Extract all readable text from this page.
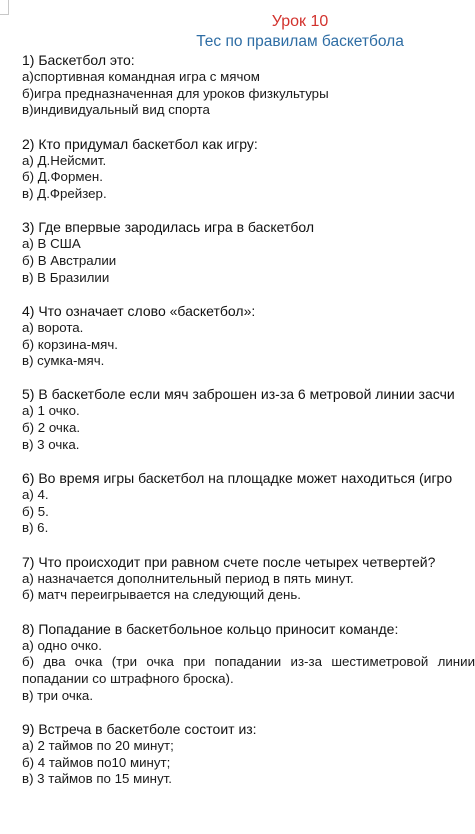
Урок 10
Тес по правилам баскетбола
1) Баскетбол это:
а)спортивная командная игра с мячом
б)игра предназначенная для уроков физкультуры
в)индивидуальный вид спорта
2) Кто придумал баскетбол как игру:
а) Д.Нейсмит.
б) Д.Формен.
в) Д.Фрейзер.
3) Где впервые зародилась игра в баскетбол
а) В США
б) В Австралии
в) В Бразилии
4) Что означает слово «баскетбол»:
а) ворота.
б) корзина-мяч.
в) сумка-мяч.
5) В баскетболе если мяч заброшен из-за 6 метровой линии засчи
а) 1 очко.
б) 2 очка.
в) 3 очка.
6) Во время игры баскетбол на площадке может находиться (игро
а) 4.
б) 5.
в) 6.
7) Что происходит при равном счете после четырех четвертей?
а) назначается дополнительный период в пять минут.
б) матч переигрывается на следующий день.
8) Попадание в баскетбольное кольцо приносит команде:
а) одно очко.
б) два очка (три очка при попадании из-за шестиметровой линии попадании со штрафного броска).
в) три очка.
9) Встреча в баскетболе состоит из:
а) 2 таймов по 20 минут;
б) 4 таймов по10 минут;
в) 3 таймов по 15 минут.
